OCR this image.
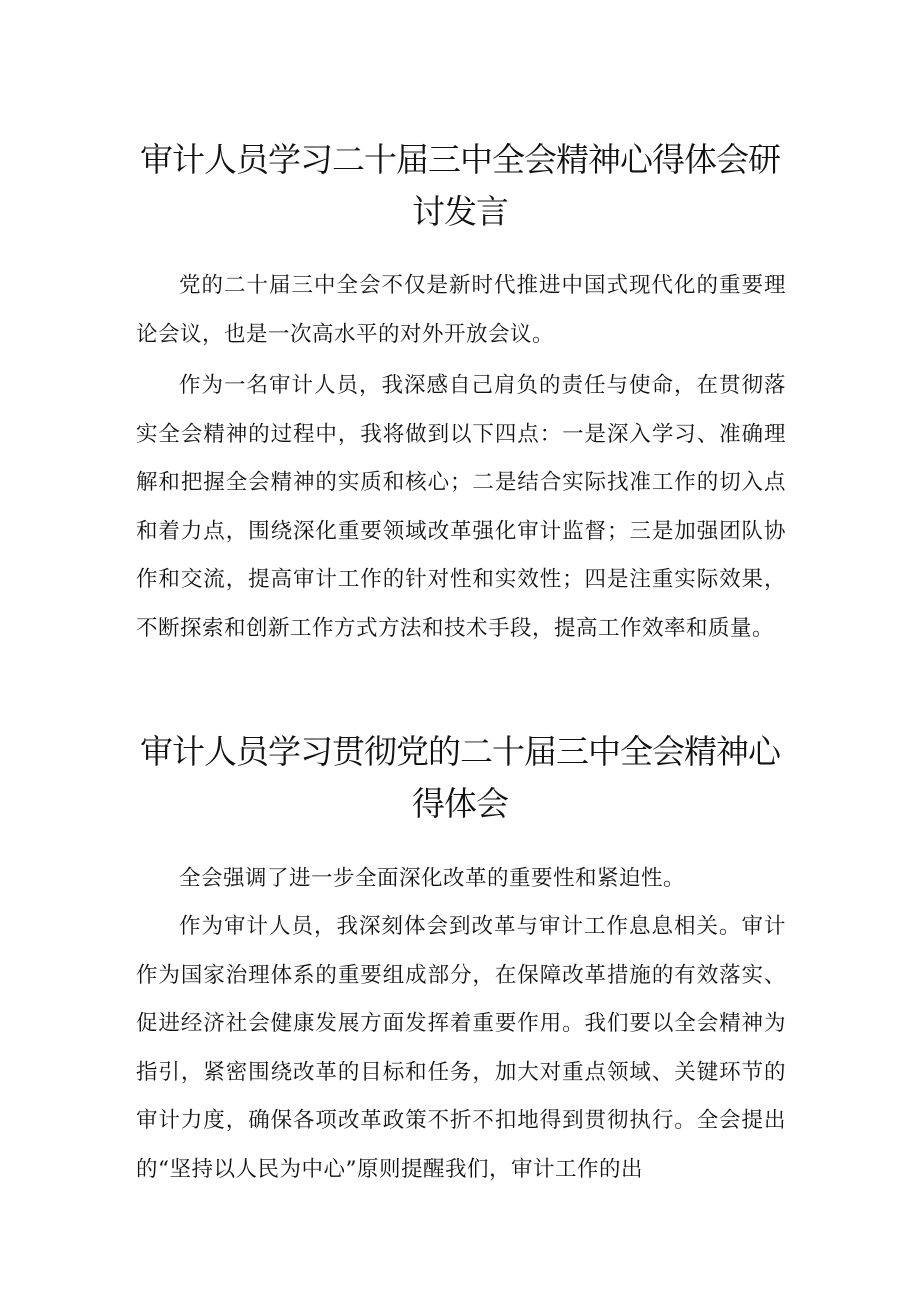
审计人员学习二十届三中全会精神心得体会研
讨发言

党的二十届三中全会不仅是新时代推进中国式现代化的重要理论会议，也是一次高水平的对外开放会议。

作为一名审计人员，我深感自己肩负的责任与使命，在贯彻落实全会精神的过程中，我将做到以下四点：一是深入学习、准确理解和把握全会精神的实质和核心；二是结合实际找准工作的切入点和着力点，围绕深化重要领域改革强化审计监督；三是加强团队协作和交流，提高审计工作的针对性和实效性；四是注重实际效果，不断探索和创新工作方式方法和技术手段，提高工作效率和质量。

审计人员学习贯彻党的二十届三中全会精神心
得体会

全会强调了进一步全面深化改革的重要性和紧迫性。

作为审计人员，我深刻体会到改革与审计工作息息相关。审计作为国家治理体系的重要组成部分，在保障改革措施的有效落实、促进经济社会健康发展方面发挥着重要作用。我们要以全会精神为指引，紧密围绕改革的目标和任务，加大对重点领域、关键环节的审计力度，确保各项改革政策不折不扣地得到贯彻执行。全会提出的“坚持以人民为中心”原则提醒我们，审计工作的出
